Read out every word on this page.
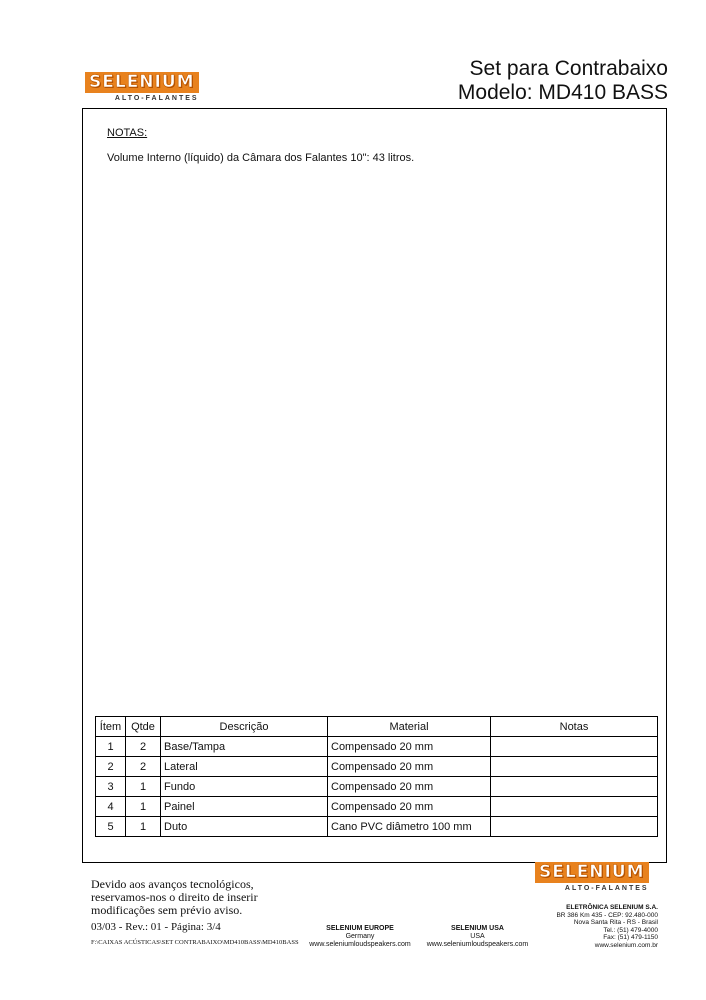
SELENIUM
ALTO-FALANTES
Set para Contrabaixo
Modelo: MD410 BASS
NOTAS:
Volume Interno (líquido) da Câmara dos Falantes 10": 43 litros.
Ítem	Qtde	Descrição	Material	Notas
1	2	Base/Tampa	Compensado 20 mm	
2	2	Lateral	Compensado 20 mm	
3	1	Fundo	Compensado 20 mm	
4	1	Painel	Compensado 20 mm	
5	1	Duto	Cano PVC diâmetro 100 mm	
SELENIUM
ALTO-FALANTES
Devido aos avanços tecnológicos, reservamos-nos o direito de inserir modificações sem prévio aviso.
03/03 - Rev.: 01 - Página: 3/4
F:\CAIXAS ACÚSTICAS\SET CONTRABAIXO\MD410BASS\MD410BASS
SELENIUM EUROPE
Germany
www.seleniumloudspeakers.com
SELENIUM USA
USA
www.seleniumloudspeakers.com
ELETRÔNICA SELENIUM S.A.
BR 386 Km 435 - CEP: 92.480-000
Nova Santa Rita - RS - Brasil
Tel.: (51) 479-4000
Fax: (51) 479-1150
www.selenium.com.br
